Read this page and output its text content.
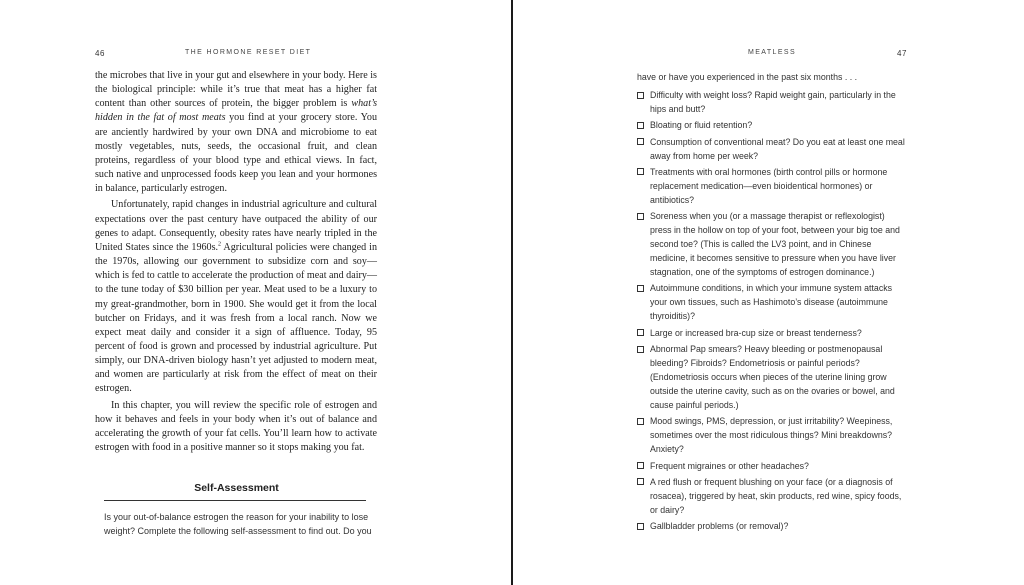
46	THE HORMONE RESET DIET

the microbes that live in your gut and elsewhere in your body. Here is the biological principle: while it’s true that meat has a higher fat content than other sources of protein, the bigger problem is what’s hidden in the fat of most meats you find at your grocery store. You are anciently hardwired by your own DNA and microbiome to eat mostly vegetables, nuts, seeds, the occasional fruit, and clean proteins, regardless of your blood type and ethical views. In fact, such native and unprocessed foods keep you lean and your hormones in balance, particularly estrogen.

Unfortunately, rapid changes in industrial agriculture and cultural expectations over the past century have outpaced the ability of our genes to adapt. Consequently, obesity rates have nearly tripled in the United States since the 1960s.$^2$ Agricultural policies were changed in the 1970s, allowing our government to subsidize corn and soy—which is fed to cattle to accelerate the production of meat and dairy—to the tune today of $30 billion per year. Meat used to be a luxury to my great-grandmother, born in 1900. She would get it from the local butcher on Fridays, and it was fresh from a local ranch. Now we expect meat daily and consider it a sign of affluence. Today, 95 percent of food is grown and processed by industrial agriculture. Put simply, our DNA-driven biology hasn’t yet adjusted to modern meat, and women are particularly at risk from the effect of meat on their estrogen.

In this chapter, you will review the specific role of estrogen and how it behaves and feels in your body when it’s out of balance and accelerating the growth of your fat cells. You’ll learn how to activate estrogen with food in a positive manner so it stops making you fat.

Self-Assessment
Is your out-of-balance estrogen the reason for your inability to lose weight? Complete the following self-assessment to find out. Do you
MEATLESS	47
have or have you experienced in the past six months . . .
Difficulty with weight loss? Rapid weight gain, particularly in the hips and butt?
Bloating or fluid retention?
Consumption of conventional meat? Do you eat at least one meal away from home per week?
Treatments with oral hormones (birth control pills or hormone replacement medication—even bioidentical hormones) or antibiotics?
Soreness when you (or a massage therapist or reflexologist) press in the hollow on top of your foot, between your big toe and second toe? (This is called the LV3 point, and in Chinese medicine, it becomes sensitive to pressure when you have liver stagnation, one of the symptoms of estrogen dominance.)
Autoimmune conditions, in which your immune system attacks your own tissues, such as Hashimoto’s disease (autoimmune thyroiditis)?
Large or increased bra-cup size or breast tenderness?
Abnormal Pap smears? Heavy bleeding or postmenopausal bleeding? Fibroids? Endometriosis or painful periods? (Endometriosis occurs when pieces of the uterine lining grow outside the uterine cavity, such as on the ovaries or bowel, and cause painful periods.)
Mood swings, PMS, depression, or just irritability? Weepiness, sometimes over the most ridiculous things? Mini breakdowns? Anxiety?
Frequent migraines or other headaches?
A red flush or frequent blushing on your face (or a diagnosis of rosacea), triggered by heat, skin products, red wine, spicy foods, or dairy?
Gallbladder problems (or removal)?
